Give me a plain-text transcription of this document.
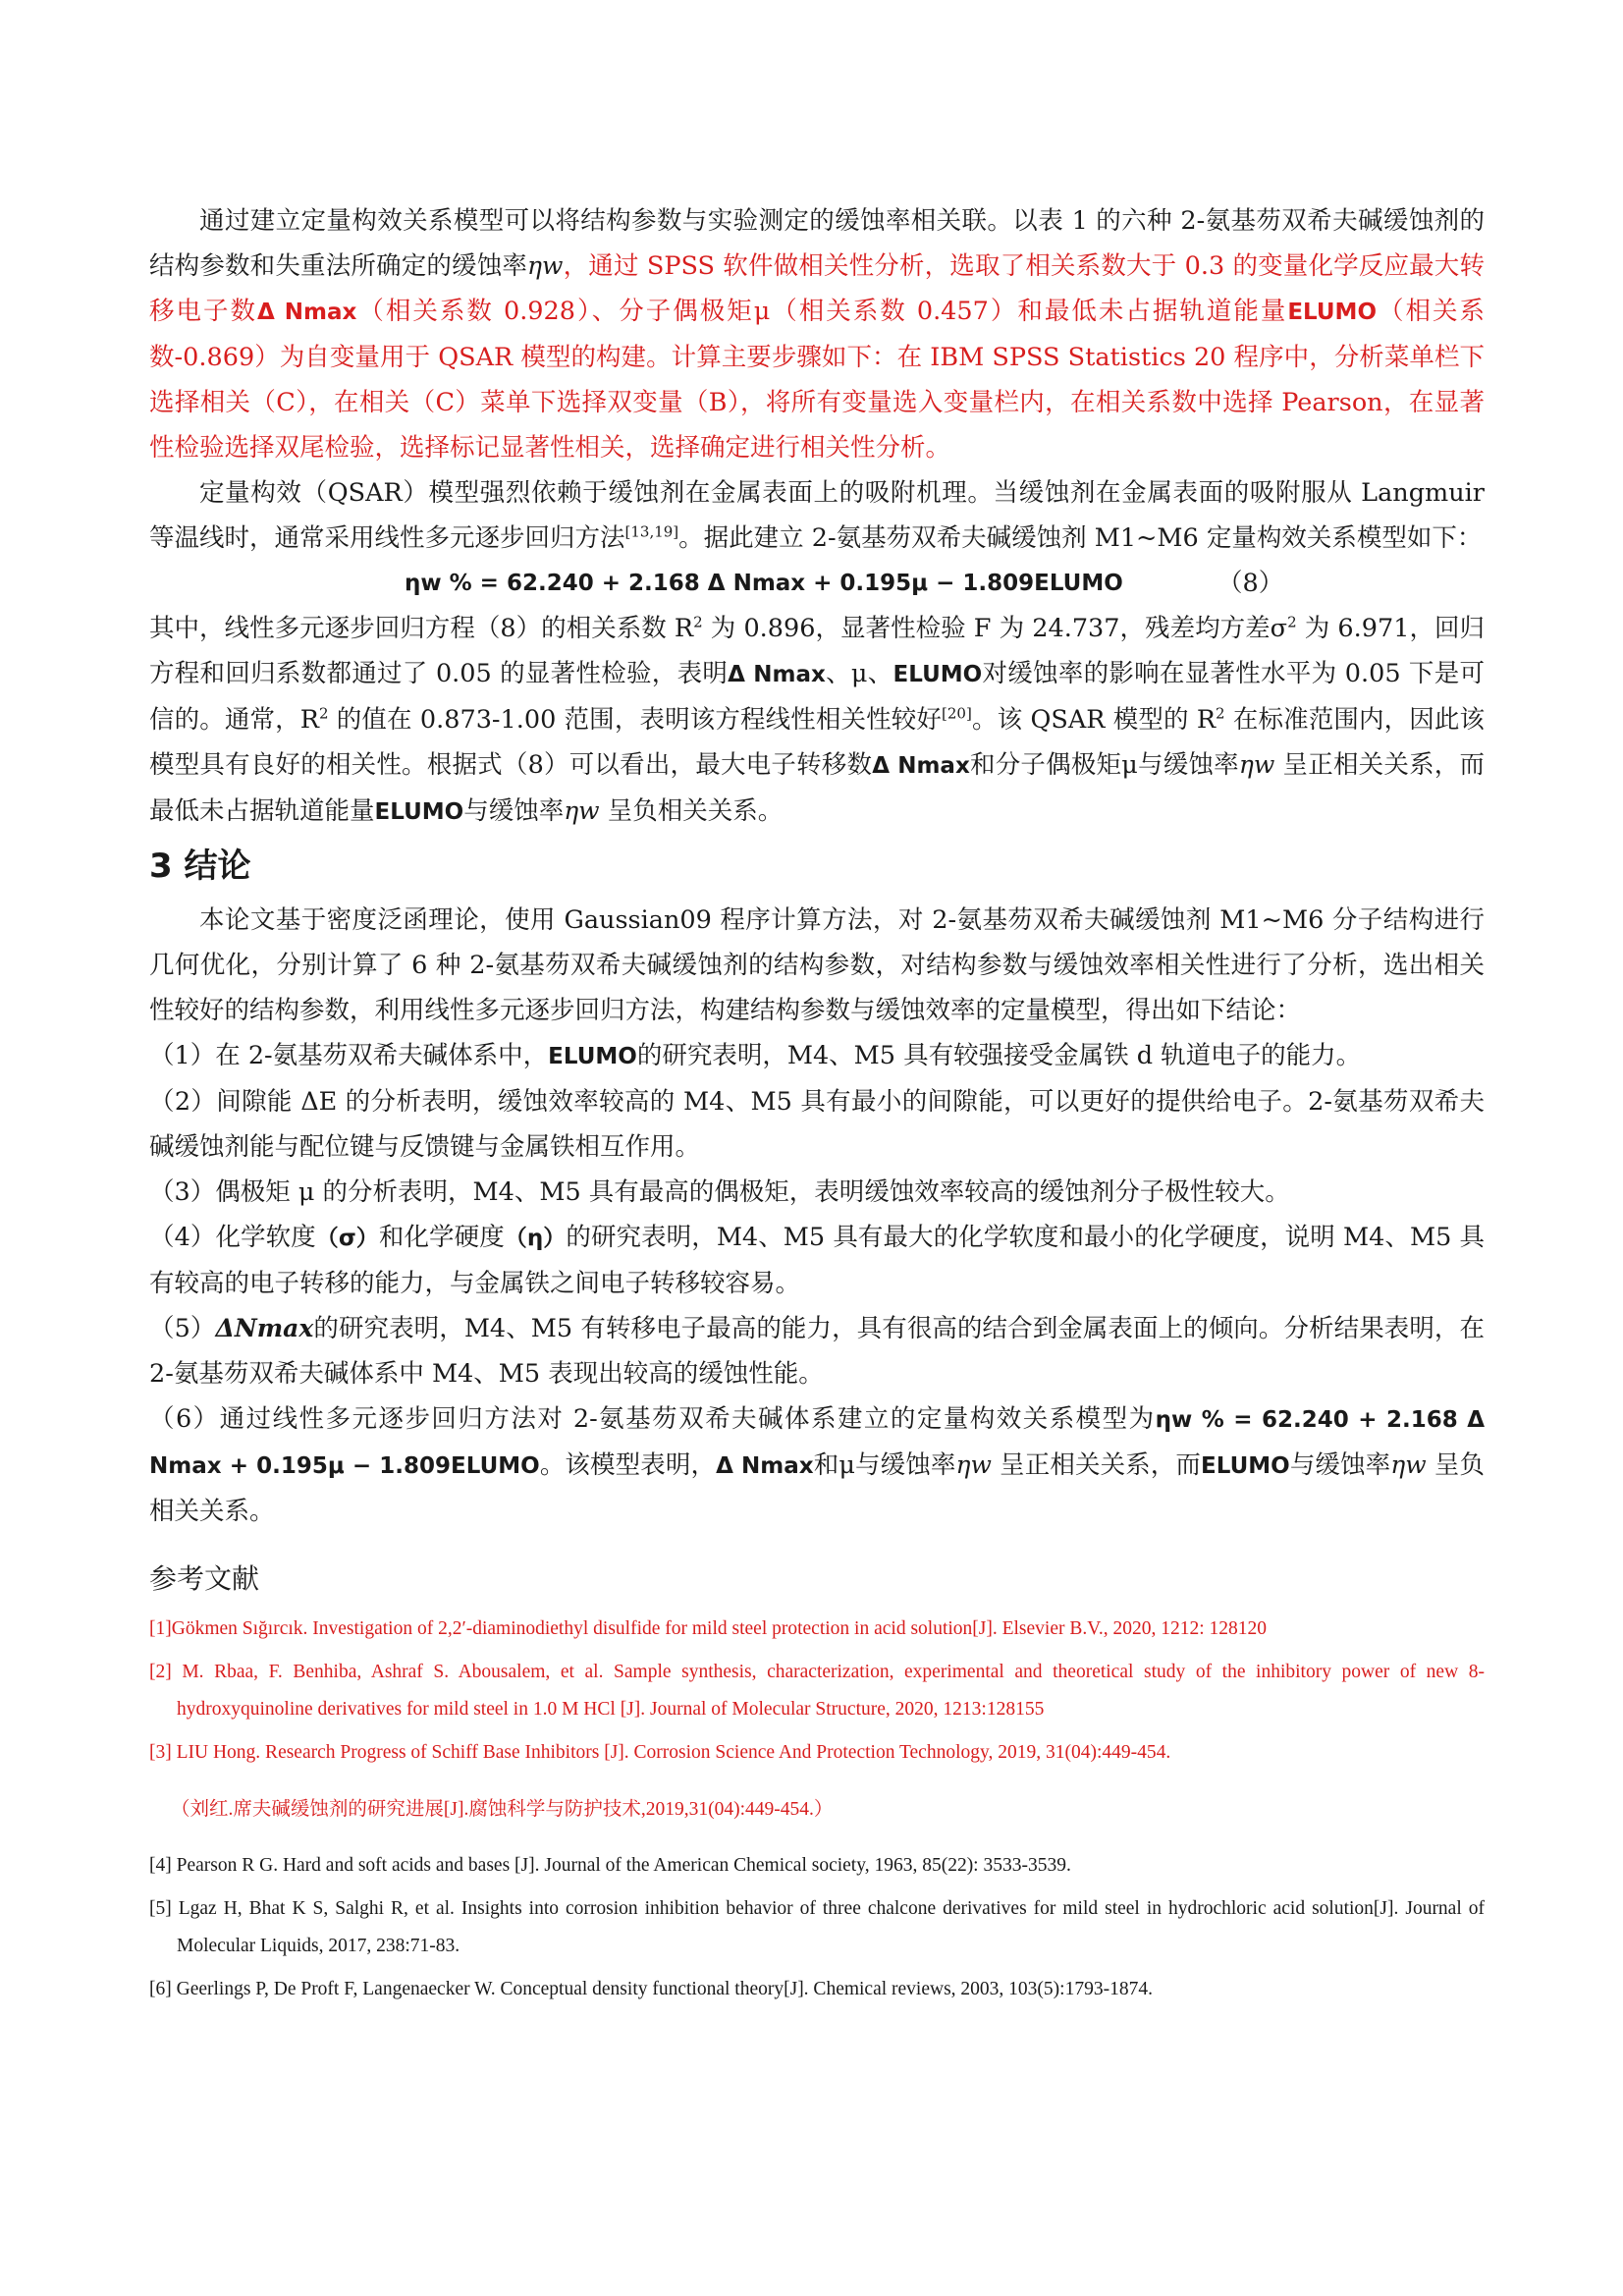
通过建立定量构效关系模型可以将结构参数与实验测定的缓蚀率相关联。以表 1 的六种 2-氨基芴双希夫碱缓蚀剂的结构参数和失重法所确定的缓蚀率ηw，通过 SPSS 软件做相关性分析，选取了相关系数大于 0.3 的变量化学反应最大转移电子数Δ Nmax（相关系数 0.928）、分子偶极矩μ（相关系数 0.457）和最低未占据轨道能量ELUMO（相关系数-0.869）为自变量用于 QSAR 模型的构建。计算主要步骤如下：在 IBM SPSS Statistics 20 程序中，分析菜单栏下选择相关（C），在相关（C）菜单下选择双变量（B），将所有变量选入变量栏内，在相关系数中选择 Pearson，在显著性检验选择双尾检验，选择标记显著性相关，选择确定进行相关性分析。

定量构效（QSAR）模型强烈依赖于缓蚀剂在金属表面上的吸附机理。当缓蚀剂在金属表面的吸附服从 Langmuir 等温线时，通常采用线性多元逐步回归方法[13,19]。据此建立 2-氨基芴双希夫碱缓蚀剂 M1~M6 定量构效关系模型如下：

ηw % = 62.240 + 2.168 Δ Nmax + 0.195μ − 1.809ELUMO	（8）

其中，线性多元逐步回归方程（8）的相关系数 $R^2$ 为 0.896，显著性检验 F 为 24.737，残差均方差$\sigma^2$ 为 6.971，回归方程和回归系数都通过了 0.05 的显著性检验，表明Δ Nmax、μ、ELUMO对缓蚀率的影响在显著性水平为 0.05 下是可信的。通常，$R^2$ 的值在 0.873-1.00 范围，表明该方程线性相关性较好[20]。该 QSAR 模型的 $R^2$ 在标准范围内，因此该模型具有良好的相关性。根据式（8）可以看出，最大电子转移数Δ Nmax和分子偶极矩μ与缓蚀率ηw 呈正相关关系，而最低未占据轨道能量ELUMO与缓蚀率ηw 呈负相关关系。

3 结论

本论文基于密度泛函理论，使用 Gaussian09 程序计算方法，对 2-氨基芴双希夫碱缓蚀剂 M1~M6 分子结构进行几何优化，分别计算了 6 种 2-氨基芴双希夫碱缓蚀剂的结构参数，对结构参数与缓蚀效率相关性进行了分析，选出相关性较好的结构参数，利用线性多元逐步回归方法，构建结构参数与缓蚀效率的定量模型，得出如下结论：

（1）在 2-氨基芴双希夫碱体系中，ELUMO的研究表明，M4、M5 具有较强接受金属铁 d 轨道电子的能力。

（2）间隙能 ΔE 的分析表明，缓蚀效率较高的 M4、M5 具有最小的间隙能，可以更好的提供给电子。2-氨基芴双希夫碱缓蚀剂能与配位键与反馈键与金属铁相互作用。

（3）偶极矩 μ 的分析表明，M4、M5 具有最高的偶极矩，表明缓蚀效率较高的缓蚀剂分子极性较大。

（4）化学软度（σ）和化学硬度（η）的研究表明，M4、M5 具有最大的化学软度和最小的化学硬度，说明 M4、M5 具有较高的电子转移的能力，与金属铁之间电子转移较容易。

（5）ΔNmax的研究表明，M4、M5 有转移电子最高的能力，具有很高的结合到金属表面上的倾向。分析结果表明，在 2-氨基芴双希夫碱体系中 M4、M5 表现出较高的缓蚀性能。

（6）通过线性多元逐步回归方法对 2-氨基芴双希夫碱体系建立的定量构效关系模型为ηw % = 62.240 + 2.168 Δ Nmax + 0.195μ − 1.809ELUMO。该模型表明，Δ Nmax和μ与缓蚀率ηw 呈正相关关系，而ELUMO与缓蚀率ηw 呈负相关关系。

参考文献

[1]Gökmen Sığırcık. Investigation of 2,2′-diaminodiethyl disulfide for mild steel protection in acid solution[J]. Elsevier B.V., 2020, 1212: 128120

[2] M. Rbaa, F. Benhiba, Ashraf S. Abousalem, et al. Sample synthesis, characterization, experimental and theoretical study of the inhibitory power of new 8-hydroxyquinoline derivatives for mild steel in 1.0 M HCl [J]. Journal of Molecular Structure, 2020, 1213:128155

[3] LIU Hong. Research Progress of Schiff Base Inhibitors [J]. Corrosion Science And Protection Technology, 2019, 31(04):449-454.

（刘红.席夫碱缓蚀剂的研究进展[J].腐蚀科学与防护技术,2019,31(04):449-454.）

[4] Pearson R G. Hard and soft acids and bases [J]. Journal of the American Chemical society, 1963, 85(22): 3533-3539.

[5] Lgaz H, Bhat K S, Salghi R, et al. Insights into corrosion inhibition behavior of three chalcone derivatives for mild steel in hydrochloric acid solution[J]. Journal of Molecular Liquids, 2017, 238:71-83.

[6] Geerlings P, De Proft F, Langenaecker W. Conceptual density functional theory[J]. Chemical reviews, 2003, 103(5):1793-1874.
